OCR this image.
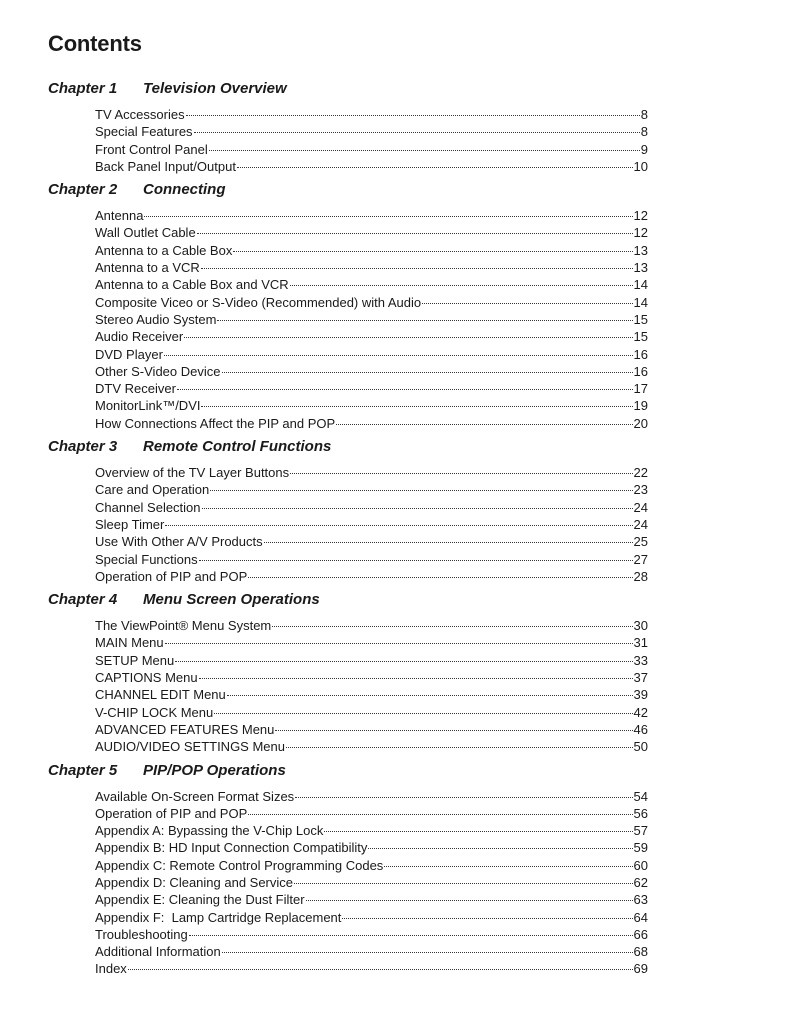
Contents
Chapter 1	Television Overview
TV Accessories	8
Special Features	8
Front Control Panel	9
Back Panel Input/Output	10
Chapter 2	Connecting
Antenna	12
Wall Outlet Cable	12
Antenna to a Cable Box	13
Antenna to a VCR	13
Antenna to a Cable Box and VCR	14
Composite Viceo or S-Video (Recommended) with Audio	14
Stereo Audio System	15
Audio Receiver	15
DVD Player	16
Other S-Video Device	16
DTV Receiver	17
MonitorLink™/DVI	19
How Connections Affect the PIP and POP	20
Chapter 3	Remote Control Functions
Overview of the TV Layer Buttons	22
Care and Operation	23
Channel Selection	24
Sleep Timer	24
Use With Other A/V Products	25
Special Functions	27
Operation of PIP and POP	28
Chapter 4	Menu Screen Operations
The ViewPoint® Menu System	30
MAIN Menu	31
SETUP Menu	33
CAPTIONS Menu	37
CHANNEL EDIT Menu	39
V-CHIP LOCK Menu	42
ADVANCED FEATURES Menu	46
AUDIO/VIDEO SETTINGS Menu	50
Chapter 5	PIP/POP Operations
Available On-Screen Format Sizes	54
Operation of PIP and POP	56
Appendix A: Bypassing the V-Chip Lock	57
Appendix B: HD Input Connection Compatibility	59
Appendix C: Remote Control Programming Codes	60
Appendix D: Cleaning and Service	62
Appendix E: Cleaning the Dust Filter	63
Appendix F:  Lamp Cartridge Replacement	64
Troubleshooting	66
Additional Information	68
Index	69
